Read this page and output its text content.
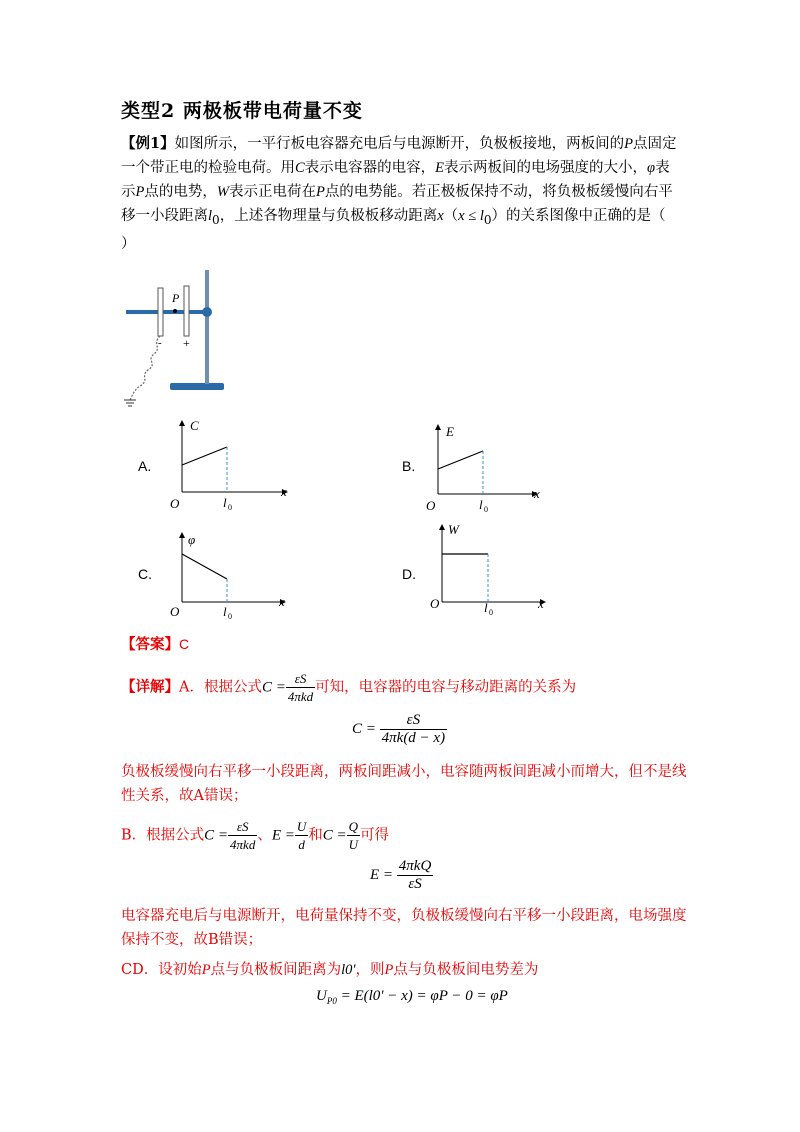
类型2 两极板带电荷量不变
【例1】如图所示，一平行板电容器充电后与电源断开，负极板接地，两板间的P点固定
一个带正电的检验电荷。用C表示电容器的电容，E表示两板间的电场强度的大小，φ表
示P点的电势，W表示正电荷在P点的电势能。若正极板保持不动，将负极板缓慢向右平
移一小段距离$l_0$，上述各物理量与负极板移动距离$x(x \le l_0)$的关系图像中正确的是（
）
P
- +
A.
C
O
x
l 0
B.
E
O
x
l 0
C.
φ
O
x
l 0
D.
W
O	x
l 0
【答案】C
【详解】A．根据公式$C = \frac{\varepsilon S}{\text{4πkd}}$ 可知，电容器的电容与移动距离的关系为
$C = \frac{\varepsilon S}{4\pi k(d - x)}$
负极板缓慢向右平移一小段距离，两板间距减小，电容随两板间距减小而增大，但不是线性关系，故A错误；
B．根据公式$C = \frac{\varepsilon S}{\text{4πkd}}$ 、$E = \frac{U}{d}$ 和$C = \frac{Q}{U}$ 可得
$E = \frac{\text{4πkQ}}{\varepsilon S}$
电容器充电后与电源断开，电荷量保持不变，负极板缓慢向右平移一小段距离，电场强度保持不变，故B错误；
CD．设初始P点与负极板间距离为l0'，则P点与负极板间电势差为
$U_{P0} = E(l0' - x) = \varphi P - 0 = \varphi P$
